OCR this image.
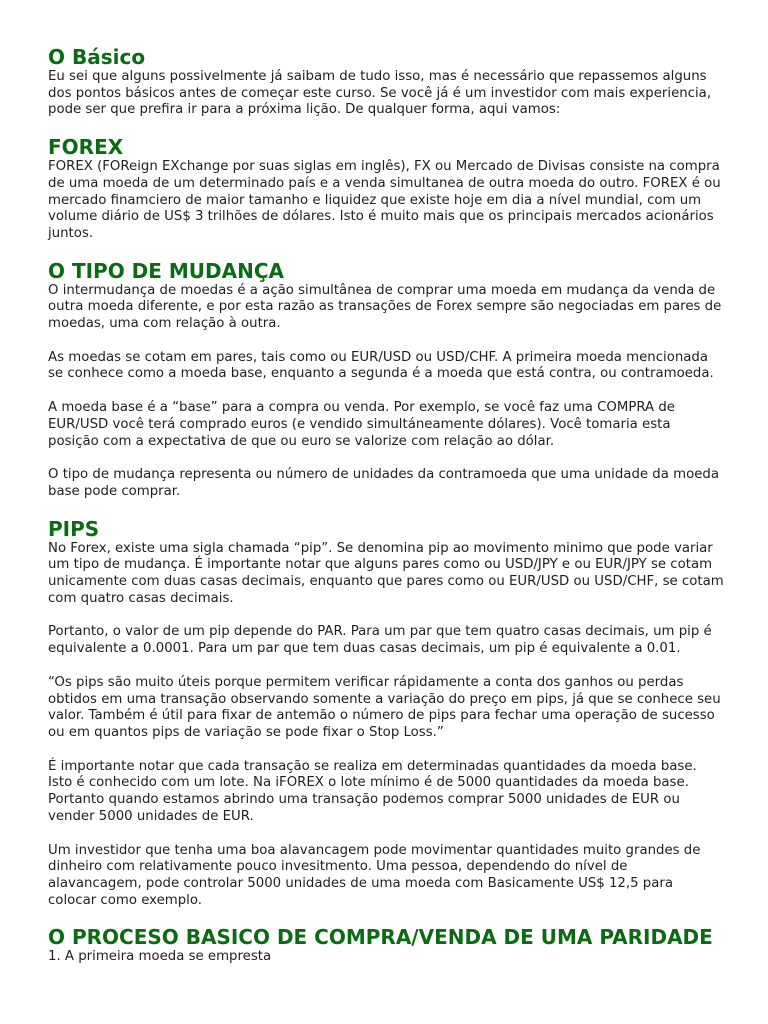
O Básico

Eu sei que alguns possivelmente já saibam de tudo isso, mas é necessário que repassemos alguns dos pontos básicos antes de começar este curso. Se você já é um investidor com mais experiencia, pode ser que prefira ir para a próxima lição. De qualquer forma, aqui vamos:

FOREX

FOREX (FOReign EXchange por suas siglas em inglês), FX ou Mercado de Divisas consiste na compra de uma moeda de um determinado país e a venda simultanea de outra moeda do outro. FOREX é ou mercado finamciero de maior tamanho e liquidez que existe hoje em dia a nível mundial, com um volume diário de US$ 3 trilhões de dólares. Isto é muito mais que os principais mercados acionários juntos.

O TIPO DE MUDANÇA

O intermudança de moedas é a ação simultânea de comprar uma moeda em mudança da venda de outra moeda diferente, e por esta razão as transações de Forex sempre são negociadas em pares de moedas, uma com relação à outra.

As moedas se cotam em pares, tais como ou EUR/USD ou USD/CHF. A primeira moeda mencionada se conhece como a moeda base, enquanto a segunda é a moeda que está contra, ou contramoeda.

A moeda base é a “base” para a compra ou venda. Por exemplo, se você faz uma COMPRA de EUR/USD você terá comprado euros (e vendido simultáneamente dólares). Você tomaria esta posição com a expectativa de que ou euro se valorize com relação ao dólar.

O tipo de mudança representa ou número de unidades da contramoeda que uma unidade da moeda base pode comprar.

PIPS

No Forex, existe uma sigla chamada “pip”. Se denomina pip ao movimento minimo que pode variar um tipo de mudança. É importante notar que alguns pares como ou USD/JPY e ou EUR/JPY se cotam unicamente com duas casas decimais, enquanto que pares como ou EUR/USD ou USD/CHF, se cotam com quatro casas decimais.

Portanto, o valor de um pip depende do PAR. Para um par que tem quatro casas decimais, um pip é equivalente a 0.0001. Para um par que tem duas casas decimais, um pip é equivalente a 0.01.

“Os pips são muito úteis porque permitem verificar rápidamente a conta dos ganhos ou perdas obtidos em uma transação observando somente a variação do preço em pips, já que se conhece seu valor. Também é útil para fixar de antemão o número de pips para fechar uma operação de sucesso ou em quantos pips de variação se pode fixar o Stop Loss.”

É importante notar que cada transação se realiza em determinadas quantidades da moeda base. Isto é conhecido com um lote. Na iFOREX o lote mínimo é de 5000 quantidades da moeda base. Portanto quando estamos abrindo uma transação podemos comprar 5000 unidades de EUR ou vender 5000 unidades de EUR.

Um investidor que tenha uma boa alavancagem pode movimentar quantidades muito grandes de dinheiro com relativamente pouco invesitmento. Uma pessoa, dependendo do nível de alavancagem, pode controlar 5000 unidades de uma moeda com Basicamente US$ 12,5 para colocar como exemplo.

O PROCESO BASICO DE COMPRA/VENDA DE UMA PARIDADE

1. A primeira moeda se empresta
